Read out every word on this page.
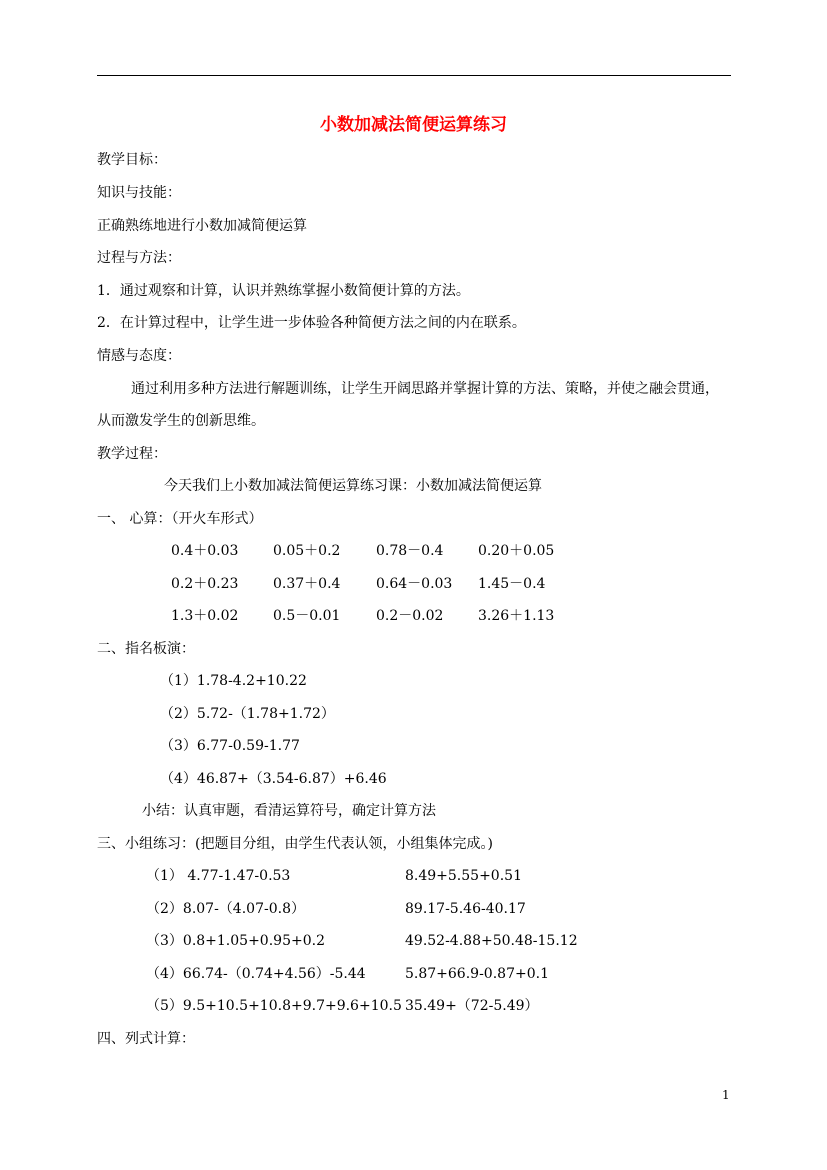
小数加减法简便运算练习
教学目标：
知识与技能：
正确熟练地进行小数加减简便运算
过程与方法：
1．通过观察和计算，认识并熟练掌握小数简便计算的方法。
2．在计算过程中，让学生进一步体验各种简便方法之间的内在联系。
情感与态度：
通过利用多种方法进行解题训练，让学生开阔思路并掌握计算的方法、策略，并使之融会贯通，
从而激发学生的创新思维。
教学过程：
今天我们上小数加减法简便运算练习课：小数加减法简便运算
一、 心算：（开火车形式）
0.4＋0.03 0.05＋0.2	0.78－0.4 0.20＋0.05
0.2＋0.23 0.37＋0.4	0.64－0.03 1.45－0.4
1.3＋0.02 0.5－0.01	0.2－0.02 3.26＋1.13
二、指名板演：
（1）1.78-4.2+10.22
（2）5.72-（1.78+1.72）
（3）6.77-0.59-1.77
（4）46.87+（3.54-6.87）+6.46
小结：认真审题，看清运算符号，确定计算方法
三、小组练习：(把题目分组，由学生代表认领，小组集体完成。)
（1） 4.77-1.47-0.53	8.49+5.55+0.51
（2）8.07-（4.07-0.8）	89.17-5.46-40.17
（3）0.8+1.05+0.95+0.2	49.52-4.88+50.48-15.12
（4）66.74-（0.74+4.56）-5.44	5.87+66.9-0.87+0.1
（5）9.5+10.5+10.8+9.7+9.6+10.5 35.49+（72-5.49）
四、列式计算：
1
